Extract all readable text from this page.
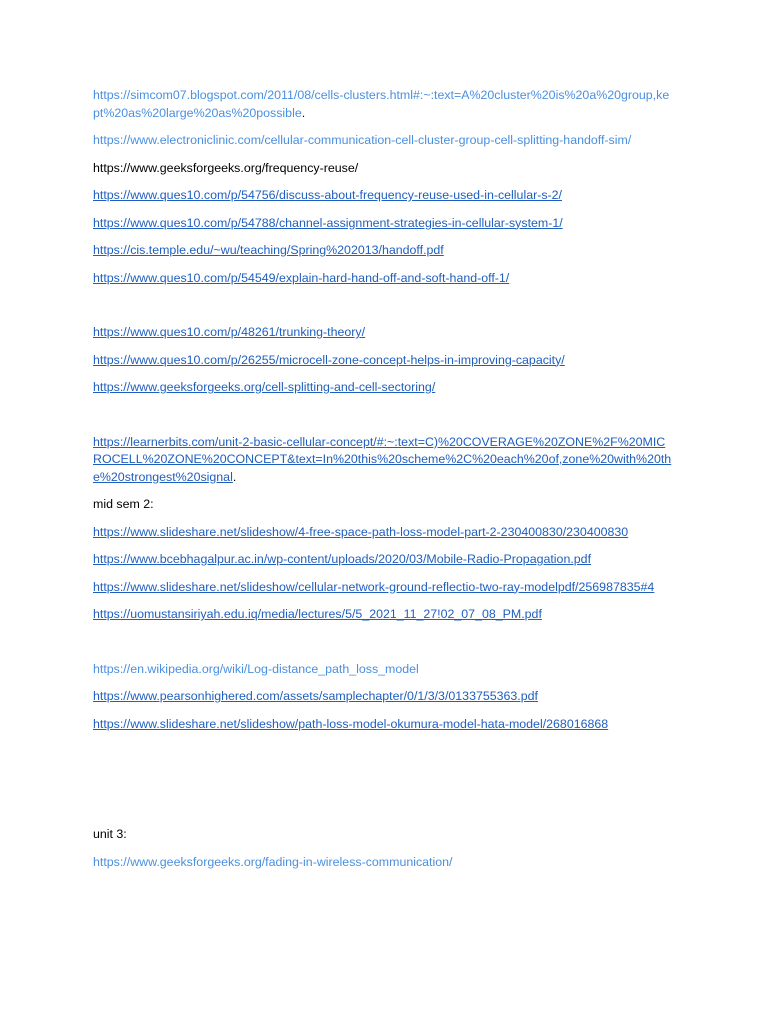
https://simcom07.blogspot.com/2011/08/cells-clusters.html#:~:text=A%20cluster%20is%20a%20group,kept%20as%20large%20as%20possible.

https://www.electroniclinic.com/cellular-communication-cell-cluster-group-cell-splitting-handoff-sim/

https://www.geeksforgeeks.org/frequency-reuse/

https://www.ques10.com/p/54756/discuss-about-frequency-reuse-used-in-cellular-s-2/

https://www.ques10.com/p/54788/channel-assignment-strategies-in-cellular-system-1/

https://cis.temple.edu/~wu/teaching/Spring%202013/handoff.pdf

https://www.ques10.com/p/54549/explain-hard-hand-off-and-soft-hand-off-1/

https://www.ques10.com/p/48261/trunking-theory/

https://www.ques10.com/p/26255/microcell-zone-concept-helps-in-improving-capacity/

https://www.geeksforgeeks.org/cell-splitting-and-cell-sectoring/

https://learnerbits.com/unit-2-basic-cellular-concept/#:~:text=C)%20COVERAGE%20ZONE%2F%20MICROCELL%20ZONE%20CONCEPT&text=In%20this%20scheme%2C%20each%20of,zone%20with%20the%20strongest%20signal.

mid sem 2:

https://www.slideshare.net/slideshow/4-free-space-path-loss-model-part-2-230400830/230400830

https://www.bcebhagalpur.ac.in/wp-content/uploads/2020/03/Mobile-Radio-Propagation.pdf

https://www.slideshare.net/slideshow/cellular-network-ground-reflectio-two-ray-modelpdf/256987835#4

https://uomustansiriyah.edu.iq/media/lectures/5/5_2021_11_27!02_07_08_PM.pdf

https://en.wikipedia.org/wiki/Log-distance_path_loss_model

https://www.pearsonhighered.com/assets/samplechapter/0/1/3/3/0133755363.pdf

https://www.slideshare.net/slideshow/path-loss-model-okumura-model-hata-model/268016868

unit 3:

https://www.geeksforgeeks.org/fading-in-wireless-communication/
